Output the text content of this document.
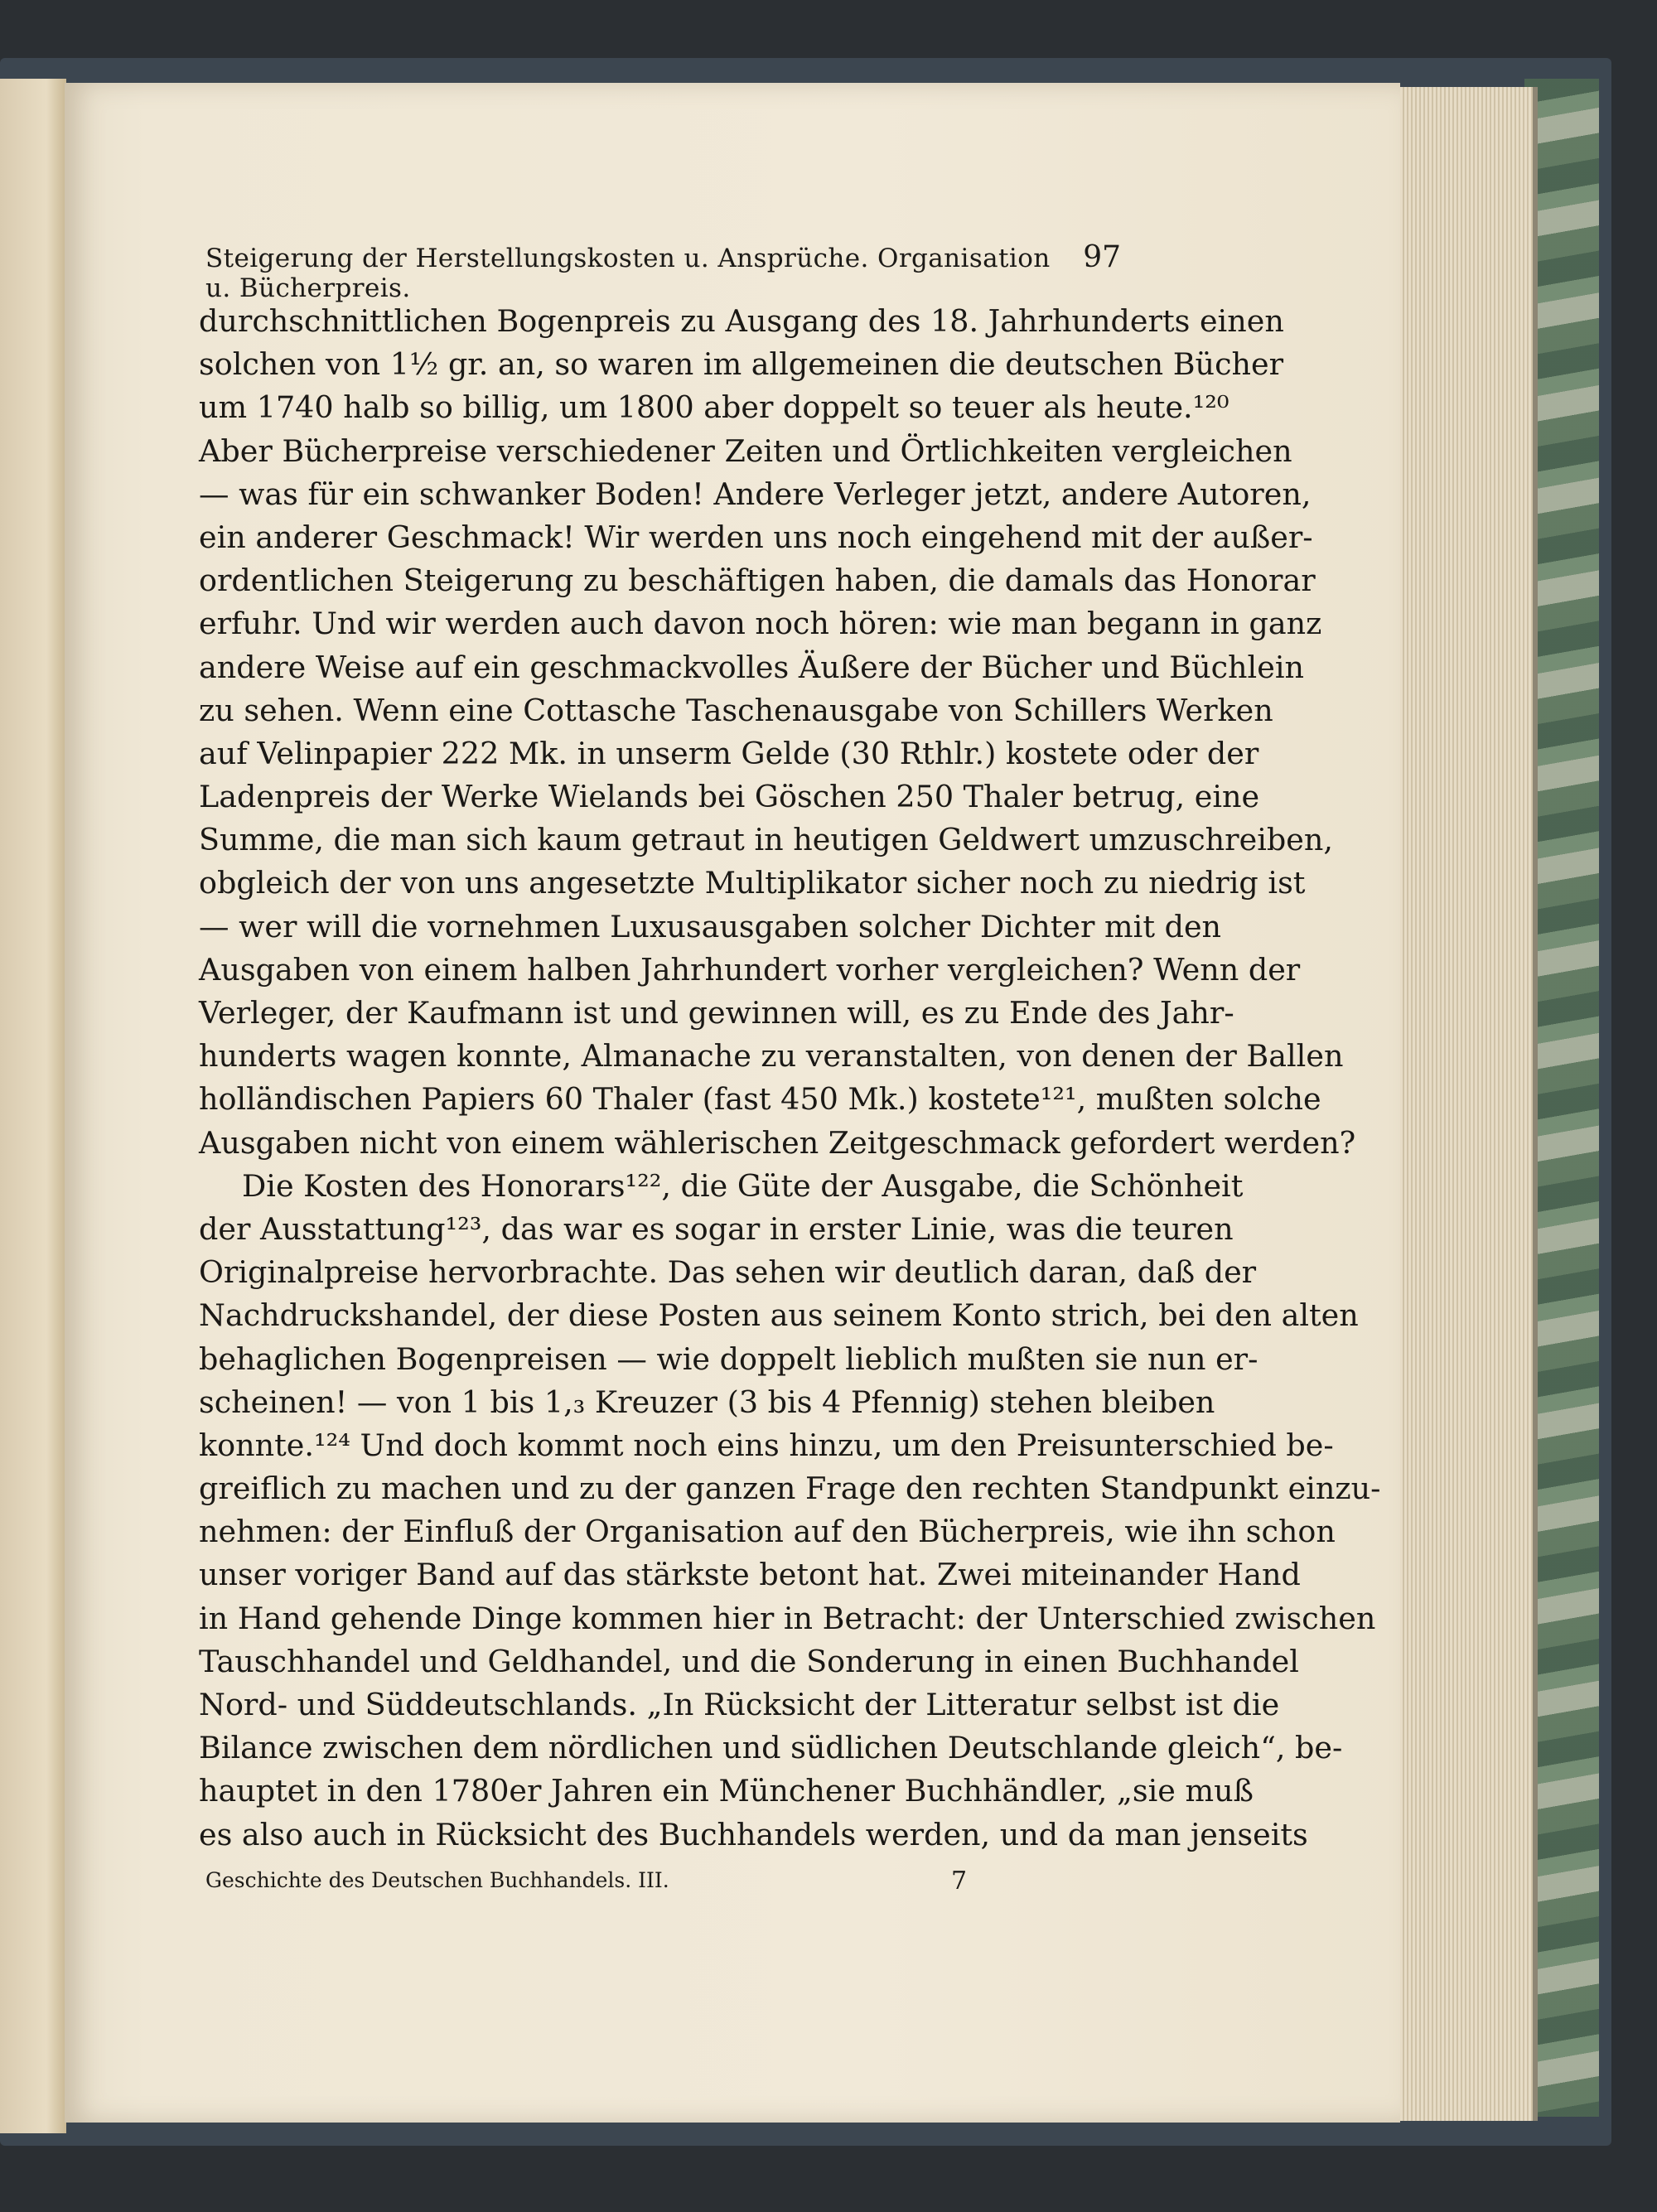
Steigerung der Herstellungskosten u. Ansprüche. Organisation u. Bücherpreis.
97
durchschnittlichen Bogenpreis zu Ausgang des 18. Jahrhunderts einen
solchen von 1½ gr. an, so waren im allgemeinen die deutschen Bücher
um 1740 halb so billig, um 1800 aber doppelt so teuer als heute.¹²⁰
Aber Bücherpreise verschiedener Zeiten und Örtlichkeiten vergleichen
— was für ein schwanker Boden! Andere Verleger jetzt, andere Autoren,
ein anderer Geschmack! Wir werden uns noch eingehend mit der außer-
ordentlichen Steigerung zu beschäftigen haben, die damals das Honorar
erfuhr. Und wir werden auch davon noch hören: wie man begann in ganz
andere Weise auf ein geschmackvolles Äußere der Bücher und Büchlein
zu sehen. Wenn eine Cottasche Taschenausgabe von Schillers Werken
auf Velinpapier 222 Mk. in unserm Gelde (30 Rthlr.) kostete oder der
Ladenpreis der Werke Wielands bei Göschen 250 Thaler betrug, eine
Summe, die man sich kaum getraut in heutigen Geldwert umzuschreiben,
obgleich der von uns angesetzte Multiplikator sicher noch zu niedrig ist
— wer will die vornehmen Luxusausgaben solcher Dichter mit den
Ausgaben von einem halben Jahrhundert vorher vergleichen? Wenn der
Verleger, der Kaufmann ist und gewinnen will, es zu Ende des Jahr-
hunderts wagen konnte, Almanache zu veranstalten, von denen der Ballen
holländischen Papiers 60 Thaler (fast 450 Mk.) kostete¹²¹, mußten solche
Ausgaben nicht von einem wählerischen Zeitgeschmack gefordert werden?
Die Kosten des Honorars¹²², die Güte der Ausgabe, die Schönheit
der Ausstattung¹²³, das war es sogar in erster Linie, was die teuren
Originalpreise hervorbrachte. Das sehen wir deutlich daran, daß der
Nachdruckshandel, der diese Posten aus seinem Konto strich, bei den alten
behaglichen Bogenpreisen — wie doppelt lieblich mußten sie nun er-
scheinen! — von 1 bis 1,₃ Kreuzer (3 bis 4 Pfennig) stehen bleiben
konnte.¹²⁴ Und doch kommt noch eins hinzu, um den Preisunterschied be-
greiflich zu machen und zu der ganzen Frage den rechten Standpunkt einzu-
nehmen: der Einfluß der Organisation auf den Bücherpreis, wie ihn schon
unser voriger Band auf das stärkste betont hat. Zwei miteinander Hand
in Hand gehende Dinge kommen hier in Betracht: der Unterschied zwischen
Tauschhandel und Geldhandel, und die Sonderung in einen Buchhandel
Nord- und Süddeutschlands. „In Rücksicht der Litteratur selbst ist die
Bilance zwischen dem nördlichen und südlichen Deutschlande gleich“, be-
hauptet in den 1780er Jahren ein Münchener Buchhändler, „sie muß
es also auch in Rücksicht des Buchhandels werden, und da man jenseits
Geschichte des Deutschen Buchhandels. III.	7
